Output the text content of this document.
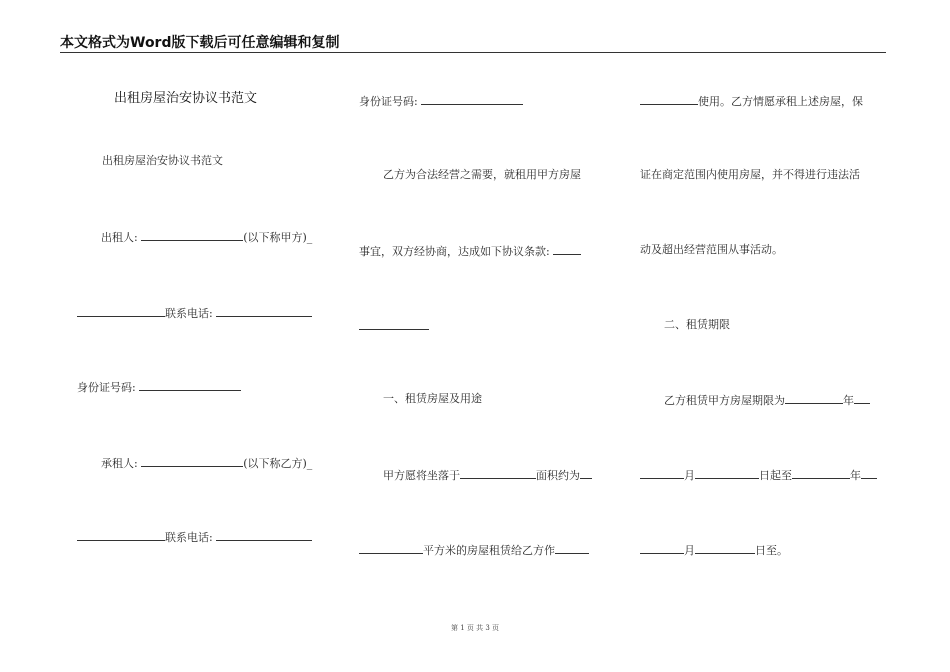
本文格式为Word版下载后可任意编辑和复制
出租房屋治安协议书范文
出租房屋治安协议书范文
出租人:	(以下称甲方)_
联系电话:
身份证号码:
承租人:	(以下称乙方)_
联系电话:
身份证号码:
乙方为合法经营之需要，就租用甲方房屋
事宜，双方经协商，达成如下协议条款:
一、租赁房屋及用途
甲方愿将坐落于	面积约为
平方米的房屋租赁给乙方作
使用。乙方情愿承租上述房屋，保
证在商定范围内使用房屋，并不得进行违法活
动及超出经营范围从事活动。
二、租赁期限
乙方租赁甲方房屋期限为	年
月	日起至	年
月	日至。
第 1 页 共 3 页
